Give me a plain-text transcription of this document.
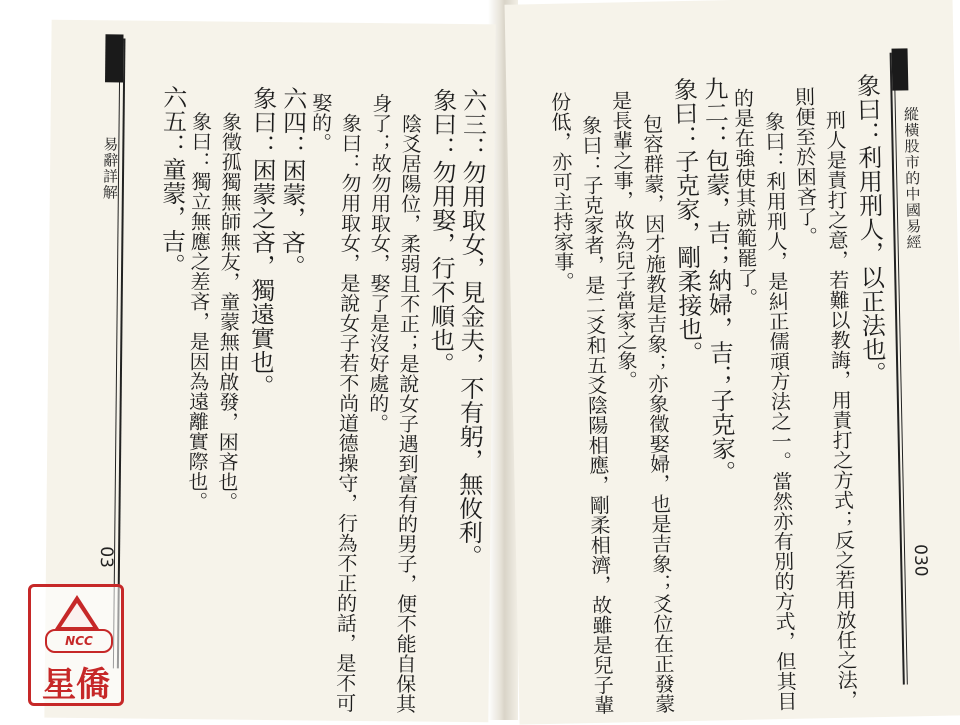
縱橫股市的中國易經
030
象曰：利用刑人，以正法也。
刑人是責打之意，若難以教誨，用責打之方式；反之若用放任之法，
則便至於困吝了。
象曰：利用刑人，是糾正儒頑方法之一。當然亦有別的方式，但其目
的是在強使其就範罷了。
九二：包蒙，吉；納婦，吉；子克家。
象曰：子克家，剛柔接也。
包容群蒙，因才施教是吉象；亦象徵娶婦，也是吉象；爻位在正發蒙
是長輩之事，故為兒子當家之象。
象曰：子克家者，是二爻和五爻陰陽相應，剛柔相濟，故雖是兒子輩
份低，亦可主持家事。
易辭詳解
03	六三：勿用取女，見金夫，不有躬，無攸利。
象曰：勿用娶，行不順也。
陰爻居陽位，柔弱且不正；是說女子遇到富有的男子，便不能自保其
身了；故勿用取女，娶了是沒好處的。
象曰：勿用取女，是說女子若不尚道德操守，行為不正的話，是不可
娶的。
六四：困蒙，吝。
象曰：困蒙之吝，獨遠實也。
象徵孤獨無師無友，童蒙無由啟發，困吝也。
象曰：獨立無應之差吝，是因為遠離實際也。
六五：童蒙，吉。
NCC
星僑
